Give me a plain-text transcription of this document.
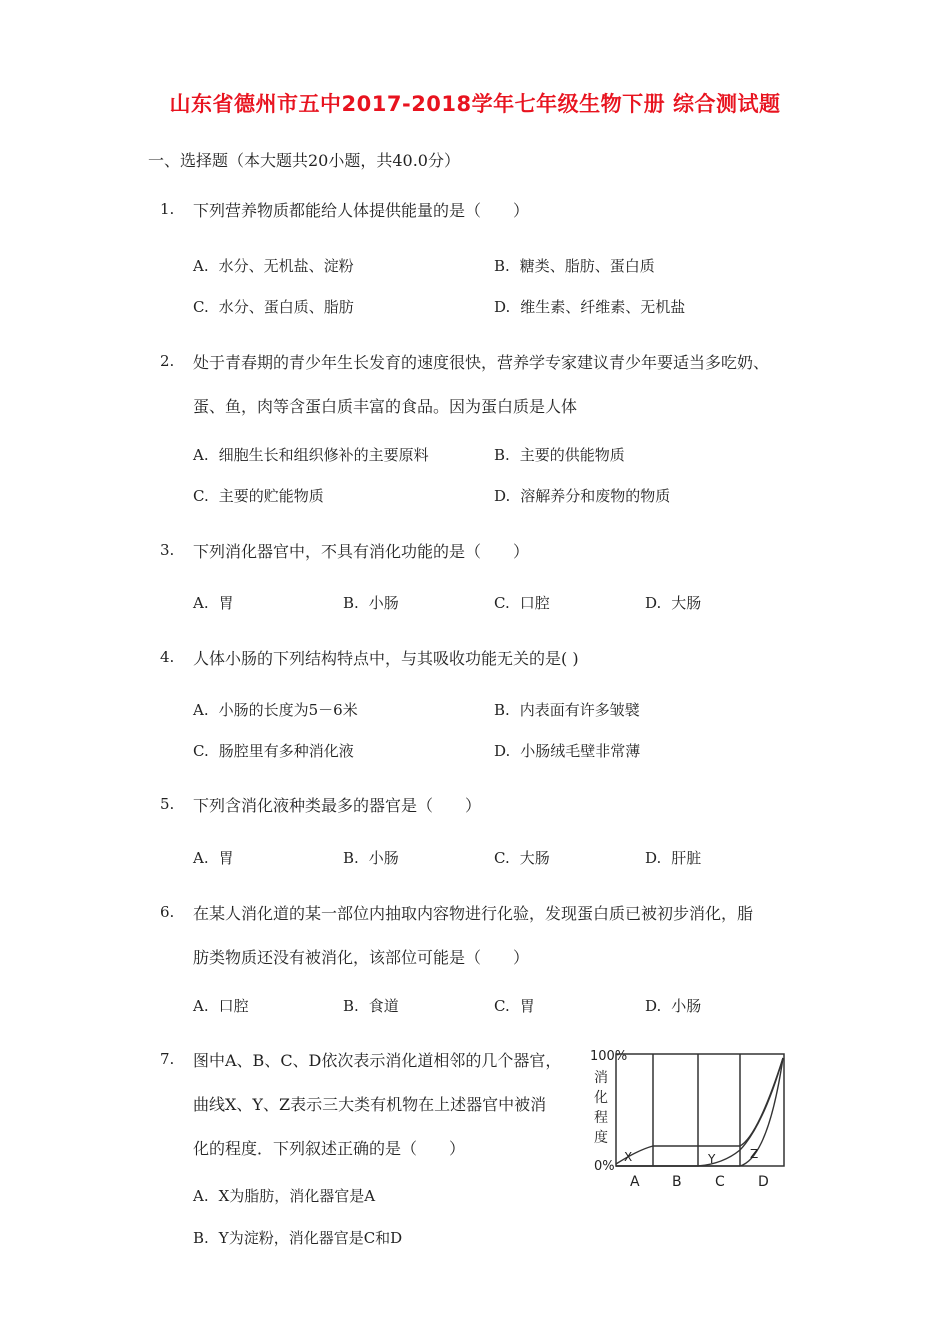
山东省德州市五中2017-2018学年七年级生物下册 综合测试题
一、选择题（本大题共20小题，共40.0分）
1. 下列营养物质都能给人体提供能量的是（　　）
A. 水分、无机盐、淀粉	B. 糖类、脂肪、蛋白质
C. 水分、蛋白质、脂肪	D. 维生素、纤维素、无机盐
2. 处于青春期的青少年生长发育的速度很快，营养学专家建议青少年要适当多吃奶、
蛋、鱼，肉等含蛋白质丰富的食品。因为蛋白质是人体
A. 细胞生长和组织修补的主要原料	B. 主要的供能物质
C. 主要的贮能物质	D. 溶解养分和废物的物质
3. 下列消化器官中，不具有消化功能的是（　　）
A. 胃	B. 小肠	C. 口腔	D. 大肠
4. 人体小肠的下列结构特点中，与其吸收功能无关的是( )
A. 小肠的长度为5－6米	B. 内表面有许多皱襞
C. 肠腔里有多种消化液	D. 小肠绒毛壁非常薄
5. 下列含消化液种类最多的器官是（　　）
A. 胃	B. 小肠	C. 大肠	D. 肝脏
6. 在某人消化道的某一部位内抽取内容物进行化验，发现蛋白质已被初步消化，脂
肪类物质还没有被消化，该部位可能是（　　）
A. 口腔	B. 食道	C. 胃	D. 小肠
7. 图中A、B、C、D依次表示消化道相邻的几个器官，
曲线X、Y、Z表示三大类有机物在上述器官中被消
化的程度．下列叙述正确的是（　　）
A. X为脂肪，消化器官是A
B. Y为淀粉，消化器官是C和D
100%
消
化
程
度
0%
X	Y	Z
A B C D
